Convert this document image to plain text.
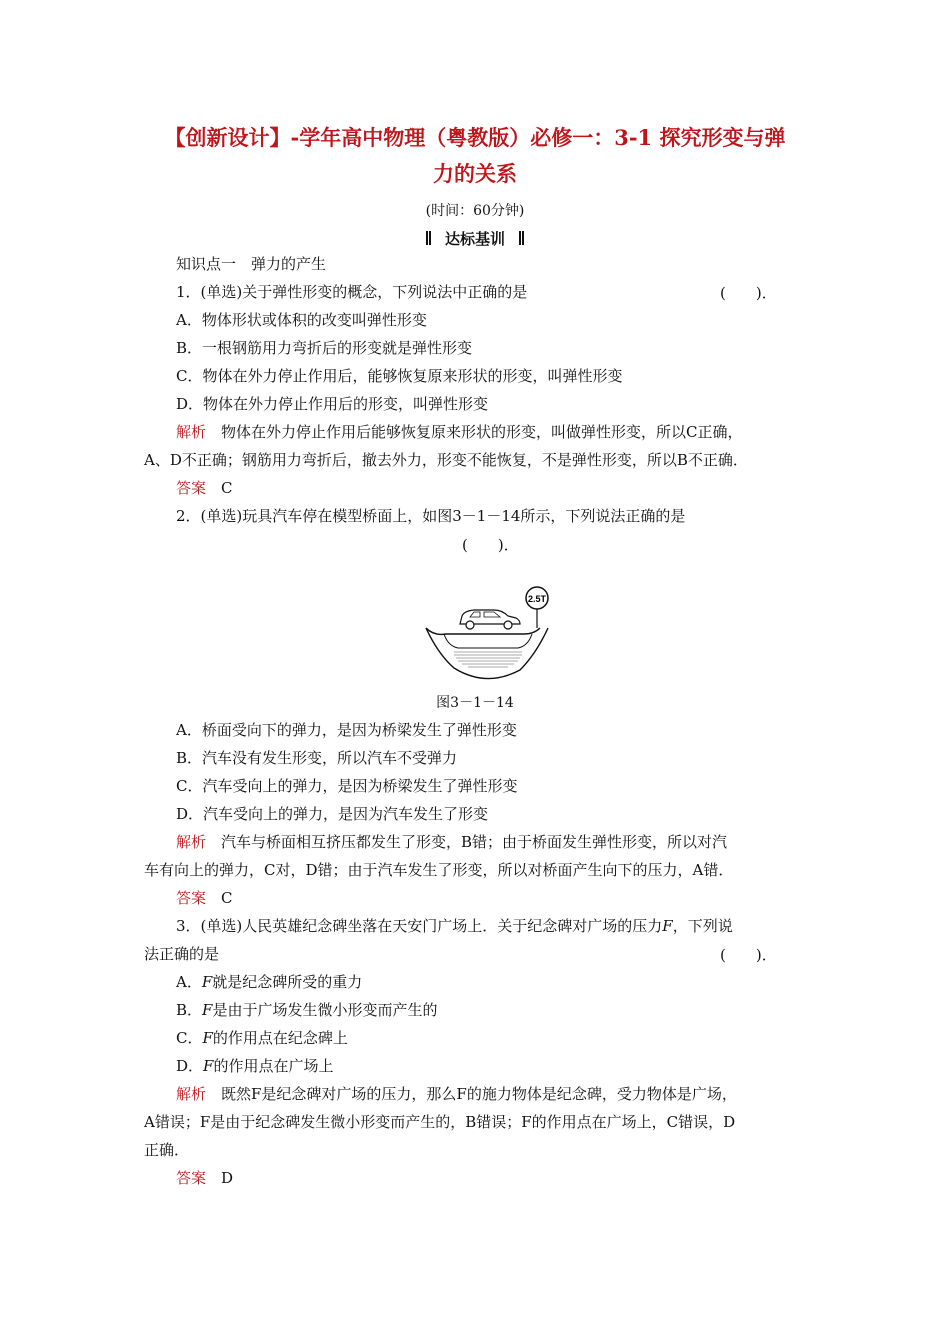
【创新设计】-学年高中物理（粤教版）必修一：3-1 探究形变与弹
力的关系
(时间：60分钟)
达标基训
知识点一　弹力的产生
1．(单选)关于弹性形变的概念，下列说法中正确的是	(　　)．
A．物体形状或体积的改变叫弹性形变
B．一根钢筋用力弯折后的形变就是弹性形变
C．物体在外力停止作用后，能够恢复原来形状的形变，叫弹性形变
D．物体在外力停止作用后的形变，叫弹性形变
解析　物体在外力停止作用后能够恢复原来形状的形变，叫做弹性形变，所以C正确，
A、D不正确；钢筋用力弯折后，撤去外力，形变不能恢复，不是弹性形变，所以B不正确．
答案　C
2．(单选)玩具汽车停在模型桥面上，如图3－1－14所示，下列说法正确的是
(　　)．
2.5T
图3－1－14
A．桥面受向下的弹力，是因为桥梁发生了弹性形变
B．汽车没有发生形变，所以汽车不受弹力
C．汽车受向上的弹力，是因为桥梁发生了弹性形变
D．汽车受向上的弹力，是因为汽车发生了形变
解析　汽车与桥面相互挤压都发生了形变，B错；由于桥面发生弹性形变，所以对汽
车有向上的弹力，C对，D错；由于汽车发生了形变，所以对桥面产生向下的压力，A错．
答案　C
3．(单选)人民英雄纪念碑坐落在天安门广场上．关于纪念碑对广场的压力F，下列说
法正确的是	(　　)．
A．F就是纪念碑所受的重力
B．F是由于广场发生微小形变而产生的
C．F的作用点在纪念碑上
D．F的作用点在广场上
解析　既然F是纪念碑对广场的压力，那么F的施力物体是纪念碑，受力物体是广场，
A错误；F是由于纪念碑发生微小形变而产生的，B错误；F的作用点在广场上，C错误，D
正确．
答案　D
